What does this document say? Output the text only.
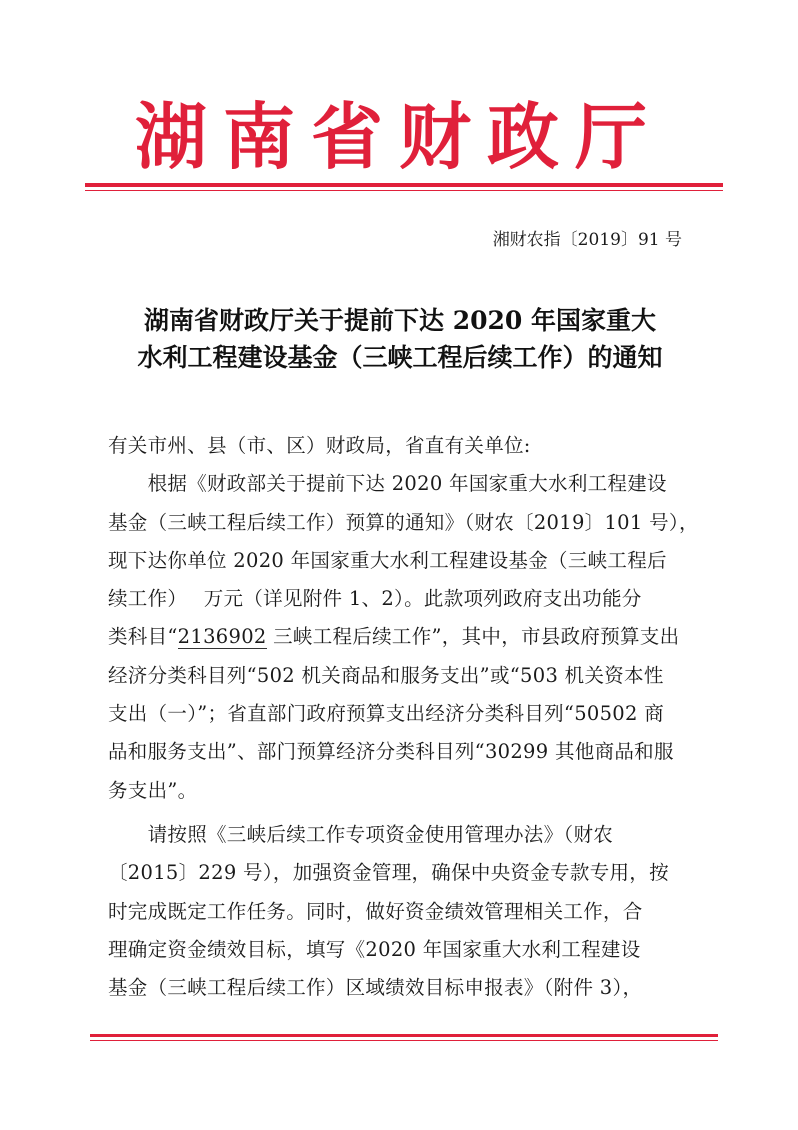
湖南省财政厅
湘财农指〔2019〕91 号
湖南省财政厅关于提前下达 2020 年国家重大
水利工程建设基金（三峡工程后续工作）的通知
有关市州、县（市、区）财政局，省直有关单位:
　　根据《财政部关于提前下达 2020 年国家重大水利工程建设
基金（三峡工程后续工作）预算的通知》（财农〔2019〕101 号），
现下达你单位 2020 年国家重大水利工程建设基金（三峡工程后
续工作）　 万元（详见附件 1、2）。此款项列政府支出功能分
类科目“2136902 三峡工程后续工作”，其中，市县政府预算支出
经济分类科目列“502 机关商品和服务支出”或“503 机关资本性
支出（一）”；省直部门政府预算支出经济分类科目列“50502 商
品和服务支出”、部门预算经济分类科目列“30299 其他商品和服
务支出”。
　　请按照《三峡后续工作专项资金使用管理办法》（财农
〔2015〕229 号），加强资金管理，确保中央资金专款专用，按
时完成既定工作任务。同时，做好资金绩效管理相关工作，合
理确定资金绩效目标，填写《2020 年国家重大水利工程建设
基金（三峡工程后续工作）区域绩效目标申报表》（附件 3），
